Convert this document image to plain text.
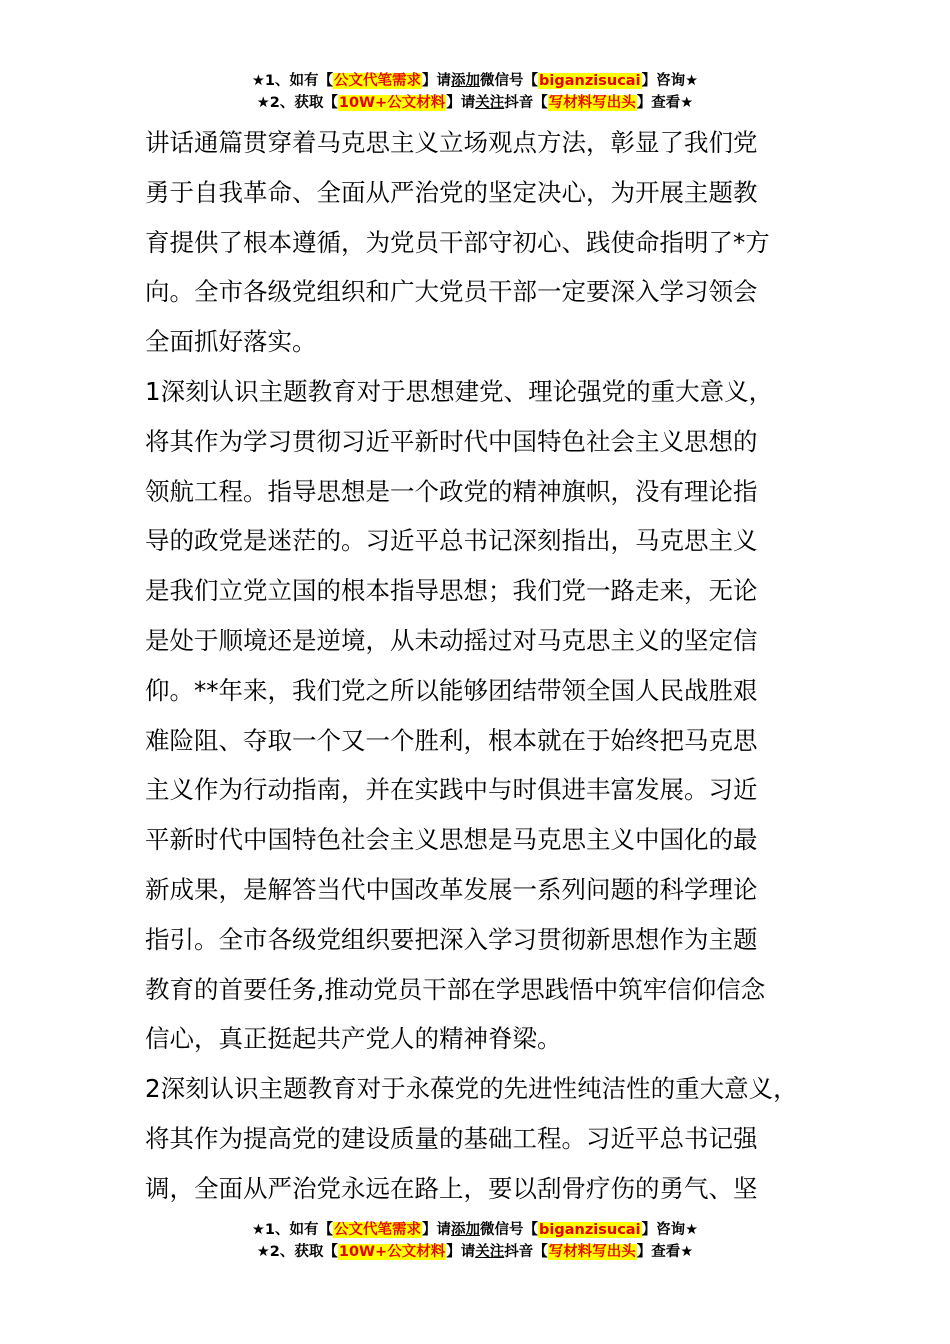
★1、如有【公文代笔需求】请添加微信号【biganzisucai】咨询★
★2、获取【10W+公文材料】请关注抖音【写材料写出头】查看★

讲话通篇贯穿着马克思主义立场观点方法，彰显了我们党

勇于自我革命、全面从严治党的坚定决心，为开展主题教

育提供了根本遵循，为党员干部守初心、践使命指明了*方

向。全市各级党组织和广大党员干部一定要深入学习领会

全面抓好落实。

1深刻认识主题教育对于思想建党、理论强党的重大意义，

将其作为学习贯彻习近平新时代中国特色社会主义思想的

领航工程。指导思想是一个政党的精神旗帜，没有理论指

导的政党是迷茫的。习近平总书记深刻指出，马克思主义

是我们立党立国的根本指导思想；我们党一路走来，无论

是处于顺境还是逆境，从未动摇过对马克思主义的坚定信

仰。**年来，我们党之所以能够团结带领全国人民战胜艰

难险阻、夺取一个又一个胜利，根本就在于始终把马克思

主义作为行动指南，并在实践中与时俱进丰富发展。习近

平新时代中国特色社会主义思想是马克思主义中国化的最

新成果，是解答当代中国改革发展一系列问题的科学理论

指引。全市各级党组织要把深入学习贯彻新思想作为主题

教育的首要任务,推动党员干部在学思践悟中筑牢信仰信念

信心，真正挺起共产党人的精神脊梁。

2深刻认识主题教育对于永葆党的先进性纯洁性的重大意义，

将其作为提高党的建设质量的基础工程。习近平总书记强

调，全面从严治党永远在路上，要以刮骨疗伤的勇气、坚

★1、如有【公文代笔需求】请添加微信号【biganzisucai】咨询★
★2、获取【10W+公文材料】请关注抖音【写材料写出头】查看★
